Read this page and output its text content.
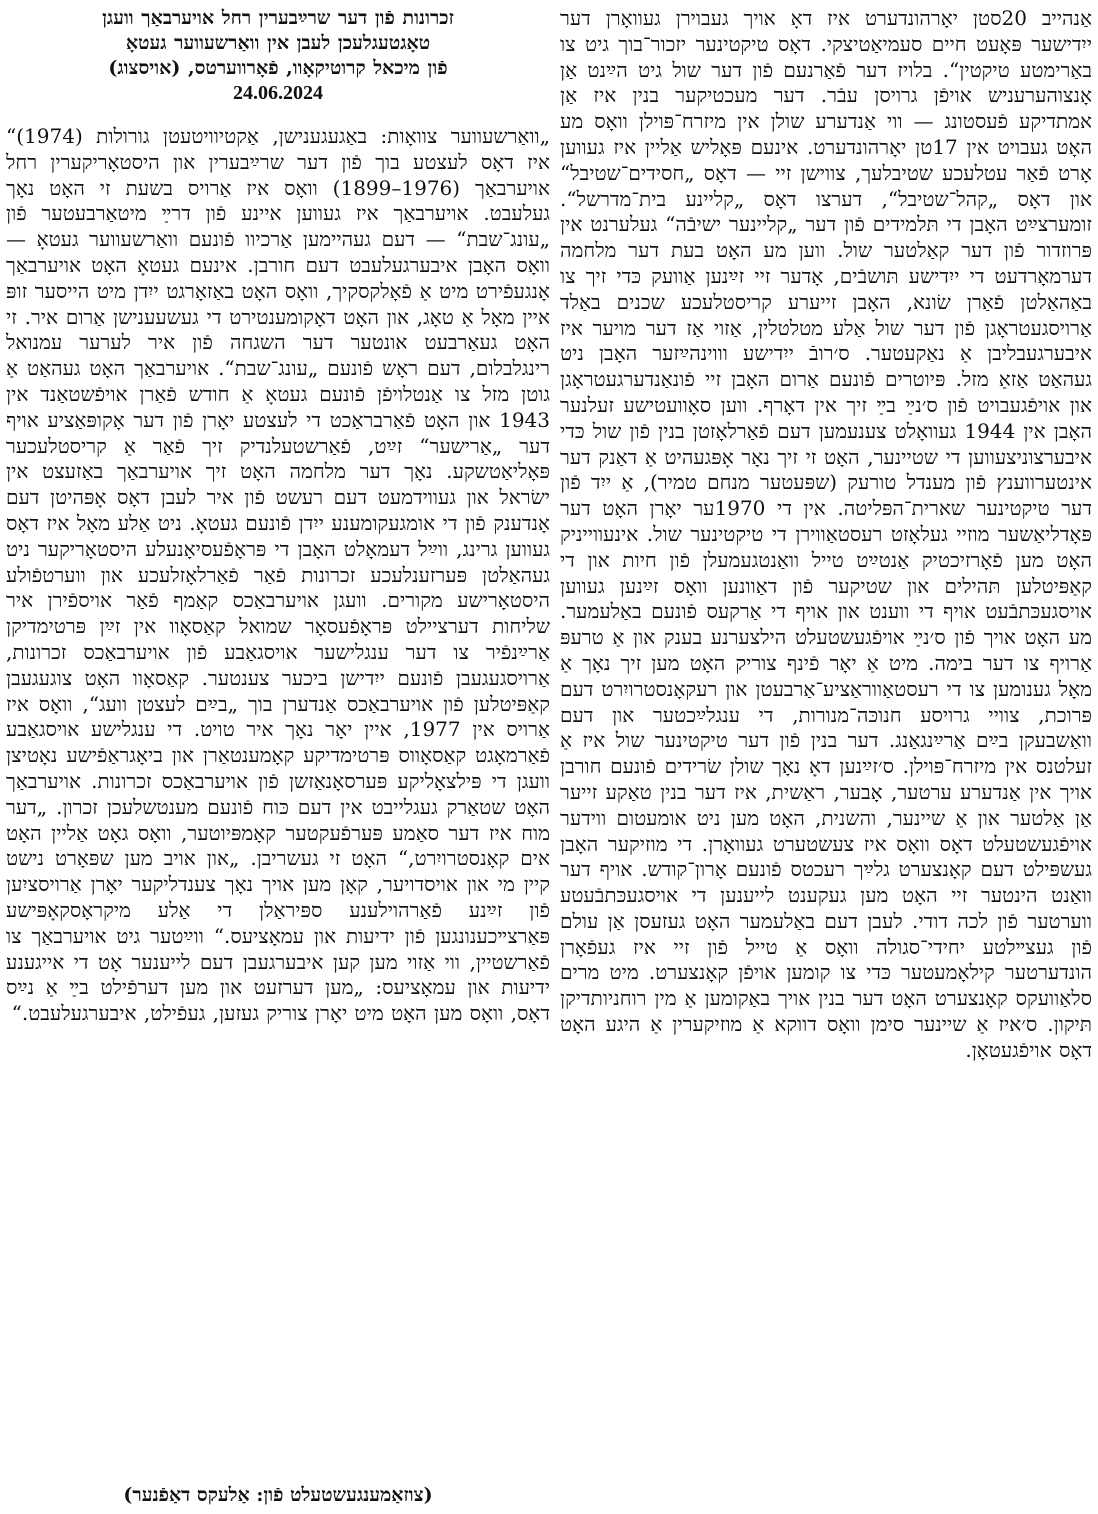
אַנהייב 20סטן יאָרהונדערט איז דאָ אויך געבוירן געוואָרן דער ייִדישער פּאָעט חיים סעמיאַטיצקי. דאָס טיקטינער יזכור־בוך גיט צו באַרימטע טיקטין“. בלויז דער פֿאַרנעם פֿון דער שול גיט הײַנט אַן אָנצוהערעניש אויפֿן גרויסן עבֿר. דער מעכטיקער בנין איז אַן אמתדיקע פֿעסטונג — ווי אַנדערע שולן אין מיזרח־פּוילן וואָס מע האָט געבויט אין 17טן יאָרהונדערט. אינעם פּאָליש אַליין איז געווען אָרט פֿאַר עטלעכע שטיבלעך, צווישן זיי — דאָס „חסידים־שטיבל“ און דאָס „קהל־שטיבל“, דערצו דאָס „קליינע בית־מדרשל“. זומערצײַט האָבן די תּלמידים פֿון דער „קליינער ישיבֿה“ געלערנט אין פּרוזדור פֿון דער קאַלטער שול. ווען מע האָט בעת דער מלחמה דערמאָרדעט די ייִדישע תּושבֿים, אָדער זיי זײַנען אַוועק כּדי זיך צו באַהאַלטן פֿאַרן שׂונא, האָבן זייערע קריסטלעכע שכנים באַלד אַרויסגעטראָגן פֿון דער שול אַלע מטלטלין, אַזוי אַז דער מויער איז איבערגעבליבן אַ נאַקעטער. ס׳רובֿ ייִדישע וווינהײַזער האָבן ניט געהאַט אַזאַ מזל. פּיוטרים פֿונעם אַרום האָבן זיי פֿונאַנדערגעטראָגן און אויפֿגעבויט פֿון ס׳נײַ בײַ זיך אין דאָרף. ווען סאָוועטישע זעלנער האָבן אין 1944 געוואָלט צענעמען דעם פֿאַרלאָזטן בנין פֿון שול כּדי איבערצוניצעווען די שטיינער, האָט זי זיך נאָר אָפּגעהיט אַ דאַנק דער אינטערווענץ פֿון מענדל טורעק (שפּעטער מנחם טמיר), אַ ייִד פֿון דער טיקטינער שארית־הפּליטה. אין די 1970ער יאָרן האָט דער פּאָדליאַשער מוזיי געלאָזט רעסטאַווירן די טיקטינער שול. אינעווייניק האָט מען פֿאָרזיכטיק אַנטײַט טייל וואַנטגעמעלן פֿון חיות און די קאַפּיטלען תּהילים און שטיקער פֿון דאַוונען וואָס זײַנען געווען אויסגעכּתבֿעט אויף די ווענט און אויף די אַרקעס פֿונעם באַלעמער. מע האָט אויך פֿון ס׳נײַ אויפֿגעשטעלט הילצערנע בענק און אַ טרעפּ אַרויף צו דער בימה. מיט אַ יאָר פֿינף צוריק האָט מען זיך נאָך אַ מאָל גענומען צו די רעסטאַווראַציע־אַרבעטן און רעקאָנסטרויִרט דעם פּרוכת, צוויי גרויסע חנוכּה־מנורות, די ענגלײַכטער און דעם וואַשבעקן בײַם אַרײַנגאַנג. דער בנין פֿון דער טיקטינער שול איז אַ זעלטנס אין מיזרח־פּוילן. ס׳זײַנען דאָ נאָך שולן שׂרידים פֿונעם חורבן אויך אין אַנדערע ערטער, אָבער, ראַשית, איז דער בנין טאַקע זייער אַן אַלטער און אַ שיינער, והשנית, האָט מען ניט אומעטום ווידער אויפֿגעשטעלט דאָס וואָס איז צעשטערט געוואָרן. די מוזיקער האָבן געשפּילט דעם קאָנצערט גלײַך רעכטס פֿונעם אָרון־קודש. אויף דער וואַנט הינטער זיי האָט מען געקענט לייענען די אויסגעכּתבֿעטע ווערטער פֿון לכה דודי. לעבן דעם באַלעמער האָט געזעסן אַן עולם פֿון געצײלטע יחידי־סגולה וואָס אַ טייל פֿון זיי איז געפֿאָרן הונדערטער קילאָמעטער כּדי צו קומען אויפֿן קאָנצערט. מיט מרים סלאַוועקס קאָנצערט האָט דער בנין אויך באַקומען אַ מין רוחניותדיקן תּיקון. ס׳איז אַ שיינער סימן וואָס דווקא אַ מוזיקערין אַ היגע האָט דאָס אויפֿגעטאָן.

זכרונות פֿון דער שרײַבערין רחל אויערבאַך וועגן
טאָגטעגלעכן לעבן אין וואַרשעווער געטאָ
פֿון מיכאל קרוטיקאָוו, פֿאָרווערטס, (אויסצוג)
24.06.2024

„וואַרשעווער צוואָות: באַגעגענישן, אַקטיוויטעטן גורולות (1974)“ איז דאָס לעצטע בוך פֿון דער שרײַבערין און היסטאָריקערין רחל אויערבאַך (1976–1899) וואָס איז אַרויס בשעת זי האָט נאָך געלעבט. אויערבאַך איז געווען איינע פֿון דרײַ מיטאַרבעטער פֿון „עונג־שבת“ — דעם געהיימען אַרכיוו פֿונעם וואַרשעווער געטאָ — וואָס האָבן איבערגעלעבט דעם חורבן. אינעם געטאָ האָט אויערבאַך אָנגעפֿירט מיט אַ פֿאָלקסקיך, וואָס האָט באַזאָרגט ייִדן מיט הייסער זופּ איין מאָל אַ טאָג, און האָט דאָקומענטירט די געשעענישן אַרום איר. זי האָט געאַרבעט אונטער דער השגחה פֿון איר לערער עמנואל רינגלבלום, דעם ראָש פֿונעם „עונג־שבת“. אויערבאַך האָט געהאַט אַ גוטן מזל צו אַנטלויפֿן פֿונעם געטאָ אַ חודש פֿאַרן אויפֿשטאַנד אין 1943 און האָט פֿאַרבראַכט די לעצטע יאָרן פֿון דער אָקופּאַציע אויף דער „אַרישער“ זײַט, פֿאַרשטעלנדיק זיך פֿאַר אַ קריסטלעכער פּאָליאַטשקע. נאָך דער מלחמה האָט זיך אויערבאַך באַזעצט אין ישׂראל און געווידמעט דעם רעשט פֿון איר לעבן דאָס אָפּהיטן דעם אָנדענק פֿון די אומגעקומענע ייִדן פֿונעם געטאָ. ניט אַלע מאָל איז דאָס געווען גרינג, ווײַל דעמאָלט האָבן די פּראָפֿעסיאָנעלע היסטאָריקער ניט געהאַלטן פּערזענלעכע זכרונות פֿאַר פֿאַרלאָזלעכע און ווערטפֿולע היסטאָרישע מקורים. וועגן אויערבאַכס קאַמף פֿאַר אויספֿירן איר שליחות דערציילט פּראָפֿעסאָר שמואל קאַסאָוו אין זײַן פּרטימדיקן אַרײַנפֿיר צו דער ענגלישער אויסגאַבע פֿון אויערבאַכס זכרונות, אַרויסגעגעבן פֿונעם ייִדישן ביכער צענטער. קאַסאָוו האָט צוגעגעבן קאַפּיטלען פֿון אויערבאַכס אַנדערן בוך „בײַם לעצטן וועג“, וואָס איז אַרויס אין 1977, איין יאָר נאָך איר טויט. די ענגלישע אויסגאַבע פֿאַרמאָגט קאַסאָווס פּרטימדיקע קאָמענטאַרן און ביאָגראַפֿישע נאָטיצן וועגן די פּילצאָליקע פּערסאָנאַזשן פֿון אויערבאַכס זכרונות. אויערבאַך האָט שטאַרק געגלייבט אין דעם כּוח פֿונעם מענטשלעכן זכרון. „דער מוח איז דער סאַמע פּערפֿעקטער קאָמפּיוטער, וואָס גאָט אַליין האָט אים קאָנסטרויִרט,“ האָט זי געשריבן. „און אויב מען שפּאָרט נישט קיין מי און אויסדויער, קאָן מען אויך נאָך צענדליקער יאָרן אַרויסציִען פֿון זײַנע פֿאַרהוילענע ספּיראַלן די אַלע מיקראָסקאָפּישע פּאַרצײכענונגען פֿון ידיעות און עמאָציעס.“ ווײַטער גיט אויערבאַך צו פֿאַרשטיין, ווי אַזוי מען קען איבערגעבן דעם לייענער אָט די אייגענע ידיעות און עמאָציעס: „מען דערזעט און מען דערפֿילט בײַ אַ נײַס דאָס, וואָס מען האָט מיט יאָרן צוריק געזען, געפֿילט, איבערגעלעבט.“

(צוזאַמענגעשטעלט פֿון: אַלעקס דאַפֿנער)
